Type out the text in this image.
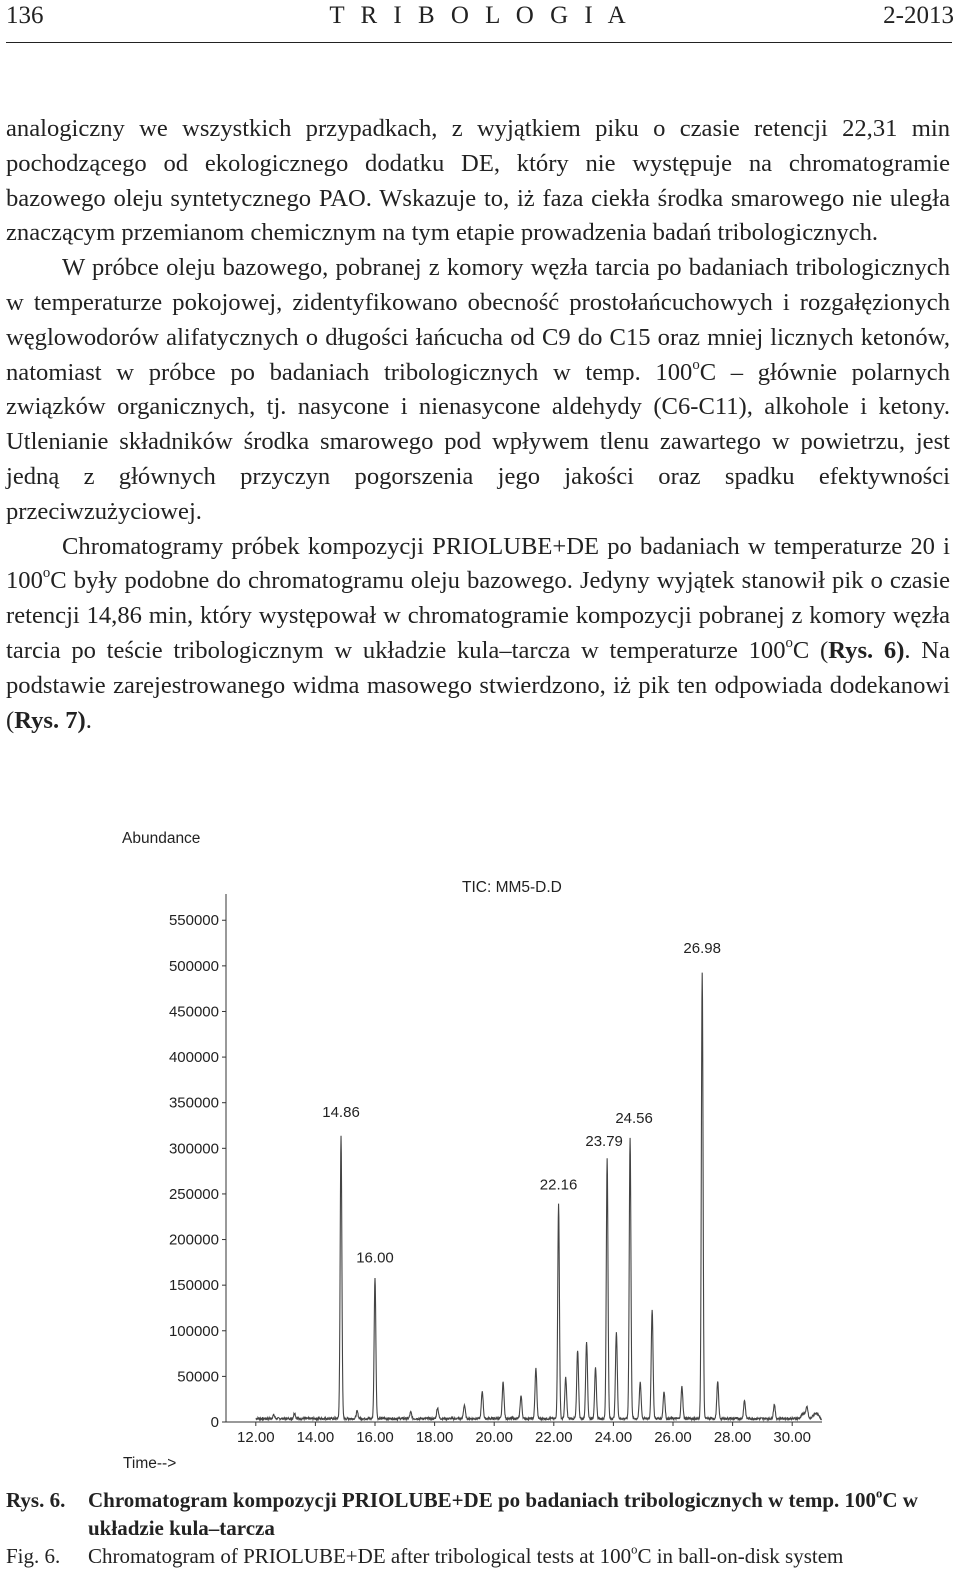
136	T R I B O L O G I A	2-2013

analogiczny we wszystkich przypadkach, z wyjątkiem piku o czasie retencji 22,31 min pochodzącego od ekologicznego dodatku DE, który nie występuje na chromatogramie bazowego oleju syntetycznego PAO. Wskazuje to, iż faza ciekła środka smarowego nie uległa znaczącym przemianom chemicznym na tym etapie prowadzenia badań tribologicznych.

W próbce oleju bazowego, pobranej z komory węzła tarcia po badaniach tribologicznych w temperaturze pokojowej, zidentyfikowano obecność prostołańcuchowych i rozgałęzionych węglowodorów alifatycznych o długości łańcucha od C9 do C15 oraz mniej licznych ketonów, natomiast w próbce po badaniach tribologicznych w temp. 100$^o$C – głównie polarnych związków organicznych, tj. nasycone i nienasycone aldehydy (C6-C11), alkohole i ketony. Utlenianie składników środka smarowego pod wpływem tlenu zawartego w powietrzu, jest jedną z głównych przyczyn pogorszenia jego jakości oraz spadku efektywności przeciwzużyciowej.

Chromatogramy próbek kompozycji PRIOLUBE+DE po badaniach w temperaturze 20 i 100$^o$C były podobne do chromatogramu oleju bazowego. Jedyny wyjątek stanowił pik o czasie retencji 14,86 min, który występował w chromatogramie kompozycji pobranej z komory węzła tarcia po teście tribologicznym w układzie kula–tarcza w temperaturze 100$^o$C (Rys. 6). Na podstawie zarejestrowanego widma masowego stwierdzono, iż pik ten odpowiada dodekanowi (Rys. 7).

Abundance
Time-->
TIC: MM5-D.D
0
50000
100000
150000
200000
250000
300000
350000
400000
450000
500000
550000
12.00 14.00 16.00 18.00 20.00 22.00 24.00 26.00 28.00 30.00
14.86
16.00
22.16
23.79
24.56
26.98
Rys. 6. Chromatogram kompozycji PRIOLUBE+DE po badaniach tribologicznych w temp. 100$^o$C w układzie kula–tarcza
Fig. 6. Chromatogram of PRIOLUBE+DE after tribological tests at 100$^o$C in ball-on-disk system
